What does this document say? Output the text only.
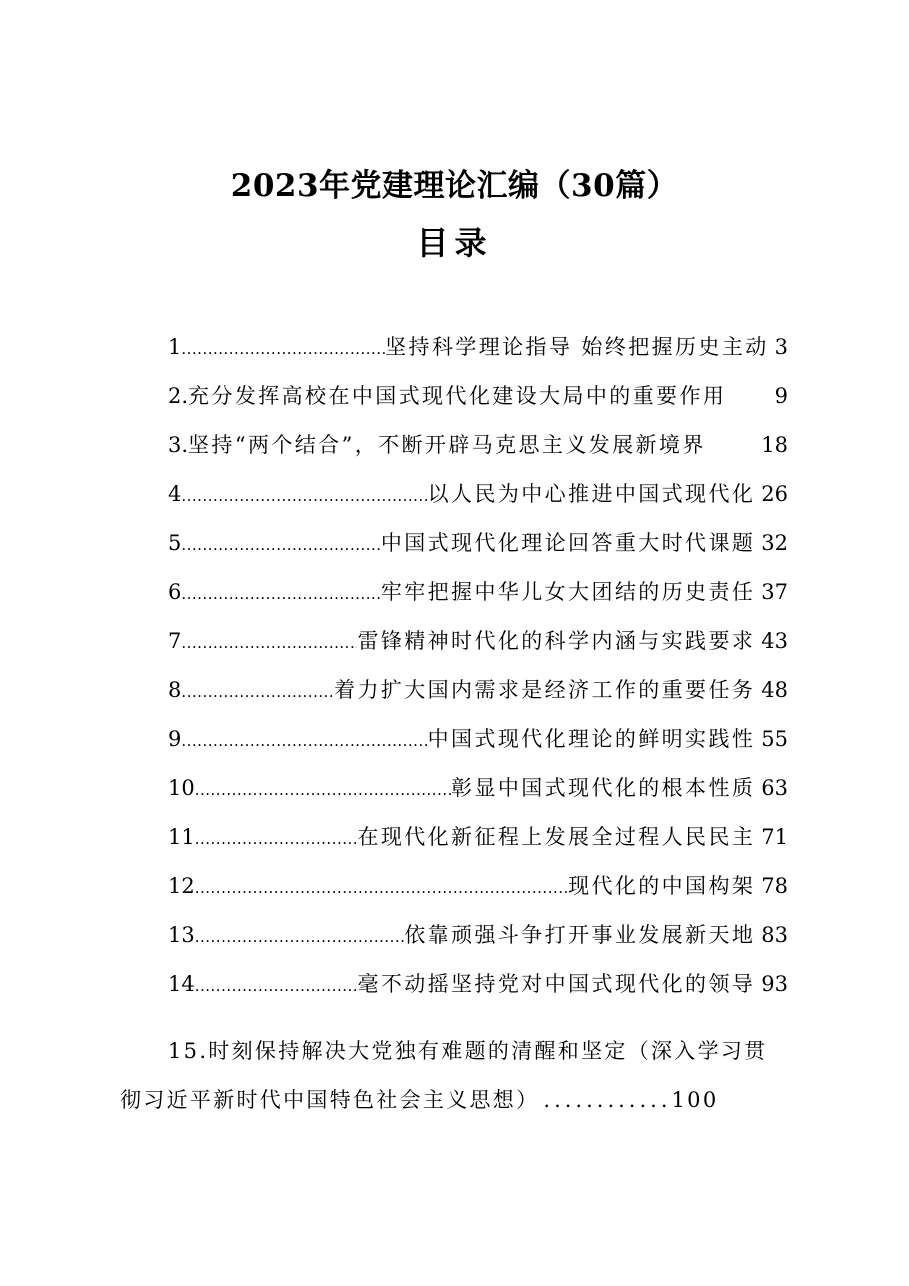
2023年党建理论汇编（30篇）
目录
1 .....	坚持科学理论指导 始终把握历史主动 3
2. 充分发挥高校在中国式现代化建设大局中的重要作用	9
3. 坚持“两个结合”，不断开辟马克思主义发展新境界	18
4 .....	以人民为中心推进中国式现代化 26
5 .....	中国式现代化理论回答重大时代课题 32
6 .....	牢牢把握中华儿女大团结的历史责任 37
7 .....	雷锋精神时代化的科学内涵与实践要求 43
8 .....	着力扩大国内需求是经济工作的重要任务 48
9 .....	中国式现代化理论的鲜明实践性 55
10 .....	彰显中国式现代化的根本性质 63
11 .....	在现代化新征程上发展全过程人民民主 71
12 .....	现代化的中国构架 78
13 .....	依靠顽强斗争打开事业发展新天地 83
14 .....	毫不动摇坚持党对中国式现代化的领导 93
15.时刻保持解决大党独有难题的清醒和坚定（深入学习贯
彻习近平新时代中国特色社会主义思想） ............100
